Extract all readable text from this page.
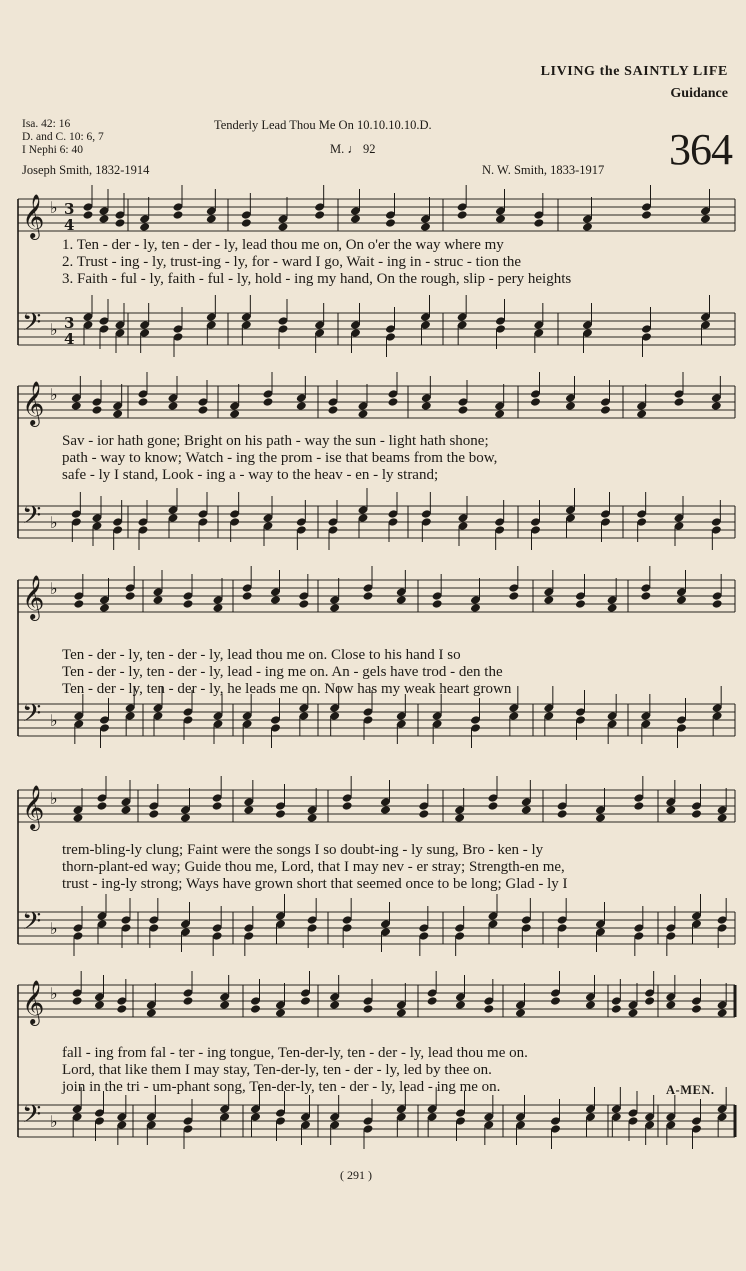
LIVING the SAINTLY LIFE
Guidance
Isa. 42: 16
D. and C. 10: 6, 7
I Nephi 6: 40
Tenderly Lead Thou Me On 10.10.10.10.D.
M. ♩ 92	364
Joseph Smith, 1832-1914	N. W. Smith, 1833-1917
𝄞 ♭ 3
4
𝄢 ♭ 3
4
1. Ten - der - ly, ten - der - ly, lead thou me on, On o'er the way where my
2. Trust - ing - ly, trust-ing - ly, for - ward I go, Wait - ing in - struc - tion the
3. Faith - ful - ly, faith - ful - ly, hold - ing my hand, On the rough, slip - pery heights
𝄞 ♭
𝄢 ♭
Sav - ior hath gone; Bright on his path - way the sun - light hath shone;
path - way to know; Watch - ing the prom - ise that beams from the bow,
safe - ly I stand, Look - ing a - way to the heav - en - ly strand;
𝄞 ♭
𝄢 ♭
Ten - der - ly, ten - der - ly, lead thou me on. Close to his hand I so
Ten - der - ly, ten - der - ly, lead - ing me on. An - gels have trod - den the
Ten - der - ly, ten - der - ly, he leads me on. Now has my weak heart grown
𝄞 ♭
𝄢 ♭
trem-bling-ly clung; Faint were the songs I so doubt-ing - ly sung, Bro - ken - ly
thorn-plant-ed way; Guide thou me, Lord, that I may nev - er stray; Strength-en me,
trust - ing-ly strong; Ways have grown short that seemed once to be long; Glad - ly I
𝄞 ♭
𝄢 ♭
fall - ing from fal - ter - ing tongue, Ten-der-ly, ten - der - ly, lead thou me on.
Lord, that like them I may stay, Ten-der-ly, ten - der - ly, led by thee on.
join in the tri - um-phant song, Ten-der-ly, ten - der - ly, lead - ing me on.	A-MEN.
( 291 )
